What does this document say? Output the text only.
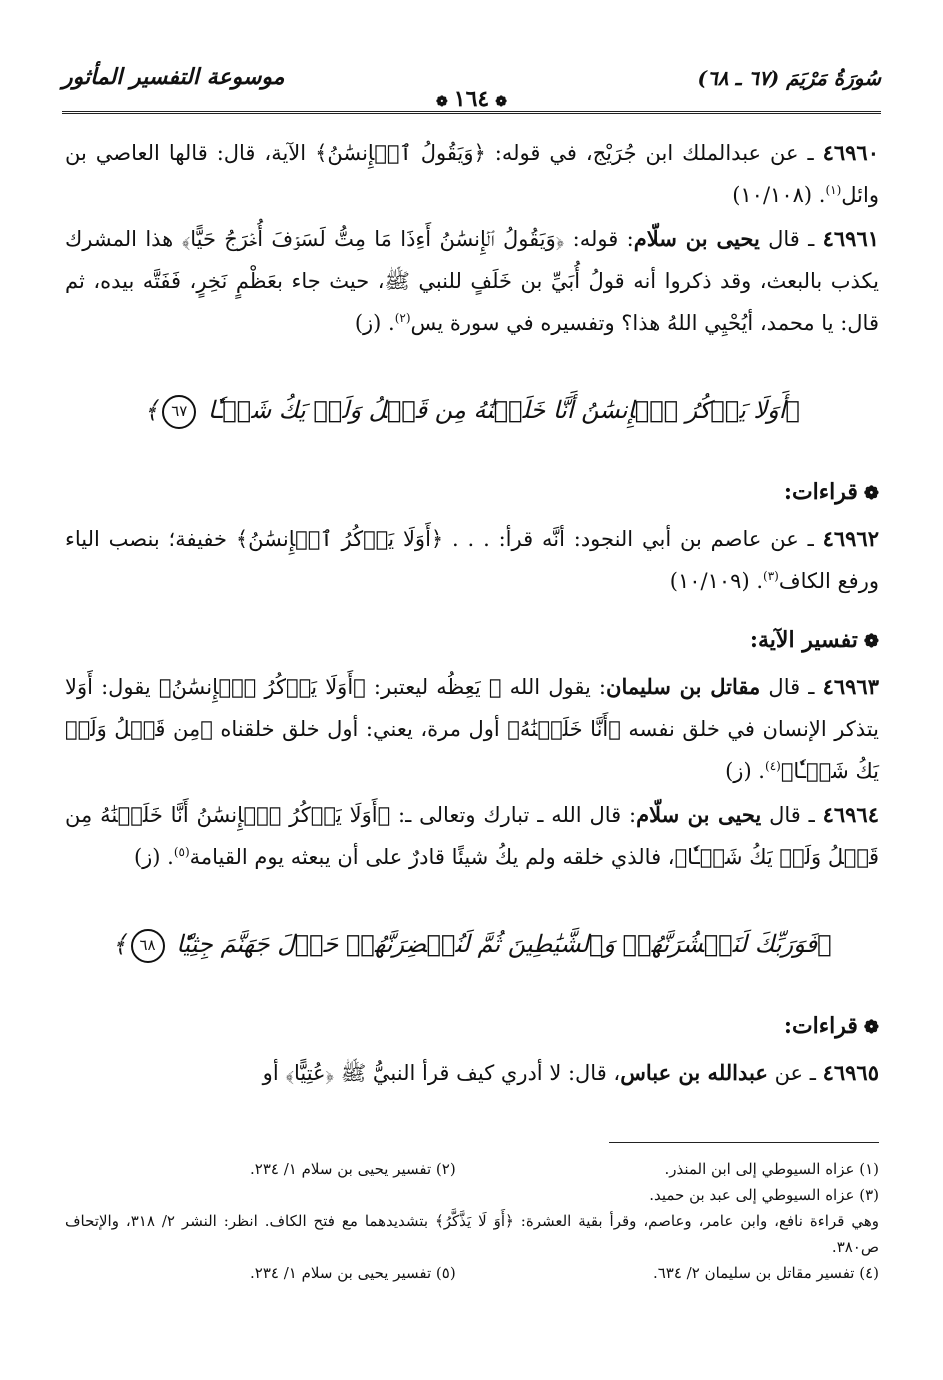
موسوعة التفسير المأثور	سُورَةُ مَرْيَمَ (٦٧ ـ ٦٨)
❁١٦٤❁

٤٦٩٦٠ ـ عن عبدالملك ابن جُرَيْج، في قوله: ﴿وَيَقُولُ ٱلۡإِنسَٰنُ﴾ الآية، قال: قالها العاصي بن وائل$^{(١)}$. (١٠/١٠٨)

٤٦٩٦١ ـ قال يحيى بن سلّام: قوله: ﴿وَيَقُولُ ٱلۡإِنسَٰنُ أَءِذَا مَا مِتُّ لَسَوۡفَ أُخۡرَجُ حَيًّا﴾ هذا المشرك يكذب بالبعث، وقد ذكروا أنه قولُ أُبَيِّ بن خَلَفٍ للنبي ﷺ، حيث جاء بعَظْمٍ نَخِرٍ، فَفَتَّه بيده، ثم قال: يا محمد، أيُحْيِي اللهُ هذا؟ وتفسيره في سورة يس$^{(٢)}$. (ز)

﴿أَوَلَا يَذۡكُرُ ٱلۡإِنسَٰنُ أَنَّا خَلَقۡنَٰهُ مِن قَبۡلُ وَلَمۡ يَكُ شَيۡـٔٗا ٦٧﴾
❁قراءات:

٤٦٩٦٢ ـ عن عاصم بن أبي النجود: أنَّه قرأ: . . . ﴿أَوَلَا يَذۡكُرُ ٱلۡإِنسَٰنُ﴾ خفيفة؛ بنصب الياء ورفع الكاف$^{(٣)}$. (١٠/١٠٩)

❁تفسير الآية:

٤٦٩٦٣ ـ قال مقاتل بن سليمان: يقول الله ﷻ يَعِظُه ليعتبر: ﴿أَوَلَا يَذۡكُرُ ٱلۡإِنسَٰنُ﴾ يقول: أَوَلا يتذكر الإنسان في خلق نفسه ﴿أَنَّا خَلَقۡنَٰهُ﴾ أول مرة، يعني: أول خلق خلقناه ﴿مِن قَبۡلُ وَلَمۡ يَكُ شَيۡـٔٗا﴾$^{(٤)}$. (ز)

٤٦٩٦٤ ـ قال يحيى بن سلّام: قال الله ـ تبارك وتعالى ـ: ﴿أَوَلَا يَذۡكُرُ ٱلۡإِنسَٰنُ أَنَّا خَلَقۡنَٰهُ مِن قَبۡلُ وَلَمۡ يَكُ شَيۡـٔٗا﴾، فالذي خلقه ولم يكُ شيئًا قادرٌ على أن يبعثه يوم القيامة$^{(٥)}$. (ز)

﴿فَوَرَبِّكَ لَنَحۡشُرَنَّهُمۡ وَٱلشَّيَٰطِينَ ثُمَّ لَنُحۡضِرَنَّهُمۡ حَوۡلَ جَهَنَّمَ جِثِيّٗا ٦٨﴾
❁قراءات:

٤٦٩٦٥ ـ عن عبدالله بن عباس، قال: لا أدري كيف قرأ النبيُّ ﷺ ﴿عُتِيًّا﴾ أو

(١) عزاه السيوطي إلى ابن المنذر.
(٢) تفسير يحيى بن سلام ١/ ٢٣٤.
(٣) عزاه السيوطي إلى عبد بن حميد.
وهي قراءة نافع، وابن عامر، وعاصم، وقرأ بقية العشرة: ﴿أَوَ لَا يَذَّكَّرُ﴾ بتشديدهما مع فتح الكاف. انظر: النشر ٢/ ٣١٨، والإتحاف ص٣٨٠.
(٤) تفسير مقاتل بن سليمان ٢/ ٦٣٤.
(٥) تفسير يحيى بن سلام ١/ ٢٣٤.
